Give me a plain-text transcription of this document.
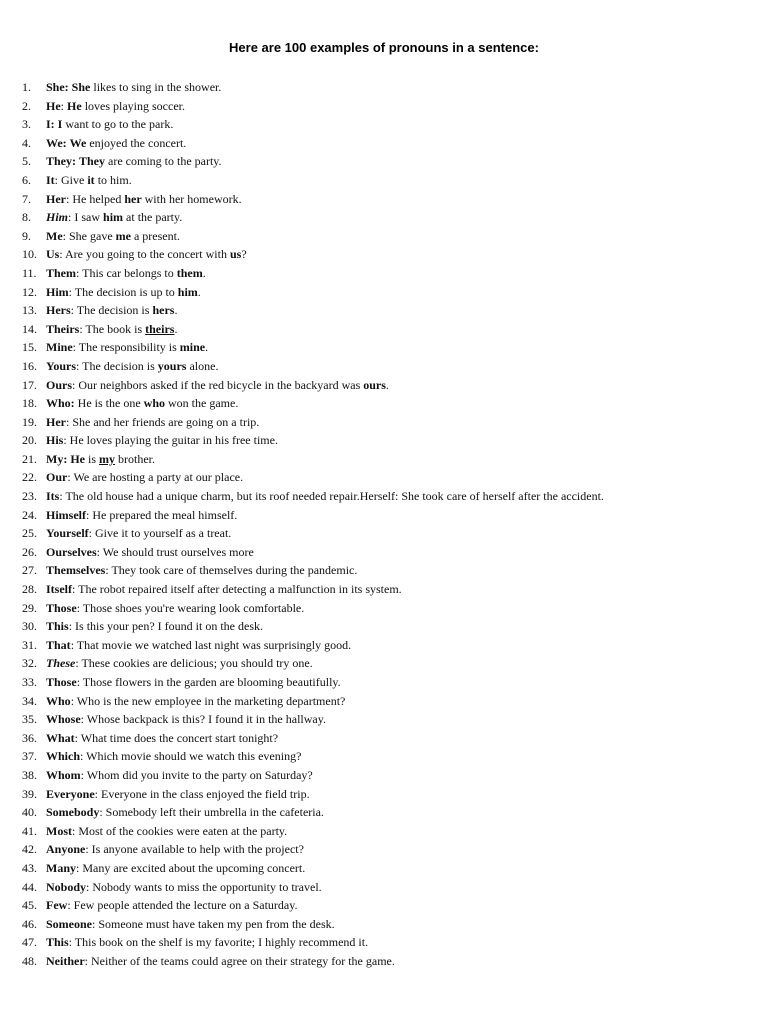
Here are 100 examples of pronouns in a sentence:
1.	She: She likes to sing in the shower.
2.	He: He loves playing soccer.
3.	I: I want to go to the park.
4.	We: We enjoyed the concert.
5.	They: They are coming to the party.
6.	It: Give it to him.
7.	Her: He helped her with her homework.
8.	Him: I saw him at the party.
9.	Me: She gave me a present.
10. Us: Are you going to the concert with us?
11. Them: This car belongs to them.
12. Him: The decision is up to him.
13. Hers: The decision is hers.
14. Theirs: The book is theirs.
15. Mine: The responsibility is mine.
16. Yours: The decision is yours alone.
17. Ours: Our neighbors asked if the red bicycle in the backyard was ours.
18. Who: He is the one who won the game.
19. Her: She and her friends are going on a trip.
20. His: He loves playing the guitar in his free time.
21. My: He is my brother.
22. Our: We are hosting a party at our place.
23. Its: The old house had a unique charm, but its roof needed repair.Herself: She took care of herself after the accident.
24. Himself: He prepared the meal himself.
25. Yourself: Give it to yourself as a treat.
26. Ourselves: We should trust ourselves more
27. Themselves: They took care of themselves during the pandemic.
28. Itself: The robot repaired itself after detecting a malfunction in its system.
29. Those: Those shoes you're wearing look comfortable.
30. This: Is this your pen? I found it on the desk.
31. That: That movie we watched last night was surprisingly good.
32. These: These cookies are delicious; you should try one.
33. Those: Those flowers in the garden are blooming beautifully.
34. Who: Who is the new employee in the marketing department?
35. Whose: Whose backpack is this? I found it in the hallway.
36. What: What time does the concert start tonight?
37. Which: Which movie should we watch this evening?
38. Whom: Whom did you invite to the party on Saturday?
39. Everyone: Everyone in the class enjoyed the field trip.
40. Somebody: Somebody left their umbrella in the cafeteria.
41. Most: Most of the cookies were eaten at the party.
42. Anyone: Is anyone available to help with the project?
43. Many: Many are excited about the upcoming concert.
44. Nobody: Nobody wants to miss the opportunity to travel.
45. Few: Few people attended the lecture on a Saturday.
46. Someone: Someone must have taken my pen from the desk.
47. This: This book on the shelf is my favorite; I highly recommend it.
48. Neither: Neither of the teams could agree on their strategy for the game.
